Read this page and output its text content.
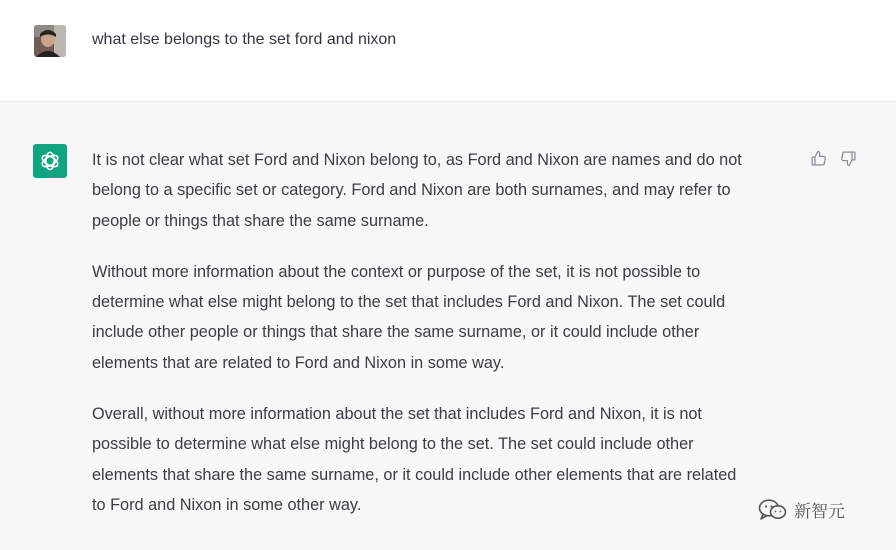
what else belongs to the set ford and nixon

It is not clear what set Ford and Nixon belong to, as Ford and Nixon are names and do not
belong to a specific set or category. Ford and Nixon are both surnames, and may refer to
people or things that share the same surname.

Without more information about the context or purpose of the set, it is not possible to
determine what else might belong to the set that includes Ford and Nixon. The set could
include other people or things that share the same surname, or it could include other
elements that are related to Ford and Nixon in some way.

Overall, without more information about the set that includes Ford and Nixon, it is not
possible to determine what else might belong to the set. The set could include other
elements that share the same surname, or it could include other elements that are related
to Ford and Nixon in some other way.	新智元
